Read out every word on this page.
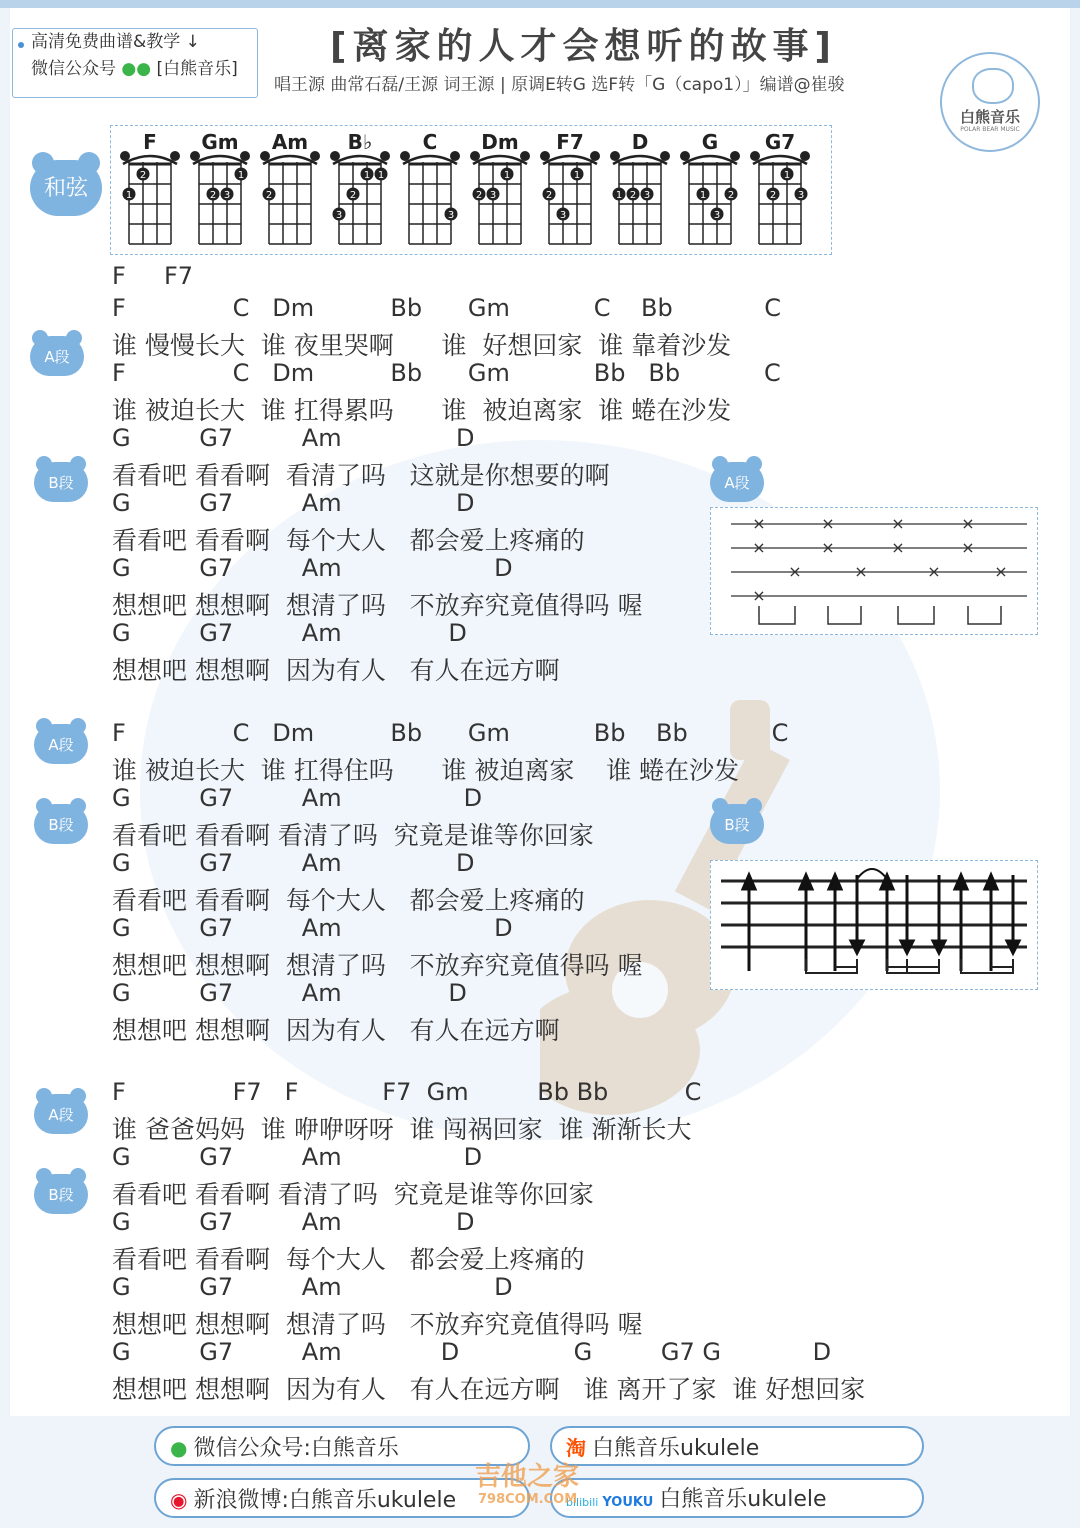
高清免费曲谱&教学 ↓
微信公众号 ●● [白熊音乐]
[离家的人才会想听的故事]
唱王源 曲常石磊/王源 词王源 | 原调E转G 选F转「G（capo1）」编谱@崔骏
白熊音乐
POLAR BEAR MUSIC
和弦
F
2
1
Gm
2 3
1
Am
2
B♭
3
2
1 1
C
3
Dm
2 3
1
F7
2
3
1
D
1 2 3
G
1
3
2
G7
2
1
3
A段
B段
A段
B段
A段
B段
A段
B段
×
×
×
×
×
×
×
×
×
×
×
×
×
F     F7
F              C   Dm          Bb      Gm           C    Bb            C
谁 慢慢长大  谁 夜里哭啊      谁  好想回家  谁 靠着沙发
F              C   Dm          Bb      Gm           Bb   Bb           C
谁 被迫长大  谁 扛得累吗      谁  被迫离家  谁 蜷在沙发
G         G7         Am               D
看看吧 看看啊  看清了吗   这就是你想要的啊
G         G7         Am               D
看看吧 看看啊  每个大人   都会爱上疼痛的
G         G7         Am                    D
想想吧 想想啊  想清了吗   不放弃究竟值得吗 喔
G         G7         Am              D
想想吧 想想啊  因为有人   有人在远方啊
F              C   Dm          Bb      Gm           Bb    Bb           C
谁 被迫长大  谁 扛得住吗      谁 被迫离家    谁 蜷在沙发
G         G7         Am                D
看看吧 看看啊 看清了吗  究竟是谁等你回家
G         G7         Am               D
看看吧 看看啊  每个大人   都会爱上疼痛的
G         G7         Am                    D
想想吧 想想啊  想清了吗   不放弃究竟值得吗 喔
G         G7         Am              D
想想吧 想想啊  因为有人   有人在远方啊
F              F7   F           F7  Gm         Bb Bb          C
谁 爸爸妈妈  谁 咿咿呀呀  谁 闯祸回家  谁 渐渐长大
G         G7         Am                D
看看吧 看看啊 看清了吗  究竟是谁等你回家
G         G7         Am               D
看看吧 看看啊  每个大人   都会爱上疼痛的
G         G7         Am                    D
想想吧 想想啊  想清了吗   不放弃究竟值得吗 喔
G         G7         Am             D               G         G7 G            D
想想吧 想想啊  因为有人   有人在远方啊   谁 离开了家  谁 好想回家
● 微信公众号:白熊音乐	淘 白熊音乐ukulele
◉ 新浪微博:白熊音乐ukulele	bilibili YOUKU 白熊音乐ukulele
吉他之家
798COM.COM
